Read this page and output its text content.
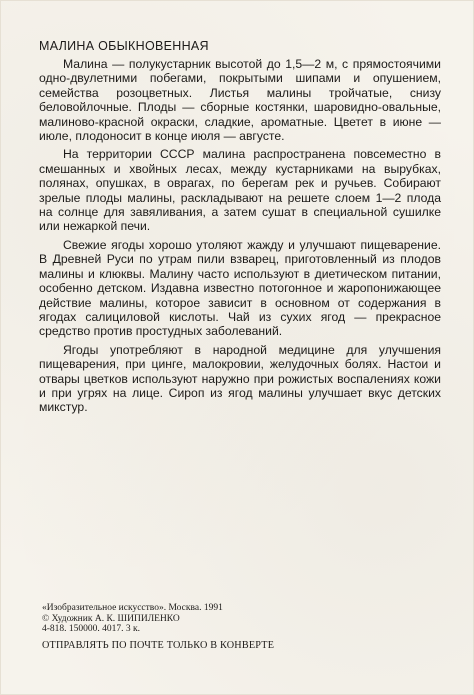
МАЛИНА ОБЫКНОВЕННАЯ

Малина — полукустарник высотой до 1,5—2 м, с прямостоячими одно-двулетними побегами, покрытыми шипами и опушением, семейства розоцветных. Листья малины тройчатые, снизу беловойлочные. Плоды — сборные костянки, шаровидно-овальные, малиново-красной окраски, сладкие, ароматные. Цветет в июне — июле, плодоносит в конце июля — августе.

На территории СССР малина распространена повсеместно в смешанных и хвойных лесах, между кустарниками на вырубках, полянах, опушках, в оврагах, по берегам рек и ручьев. Собирают зрелые плоды малины, раскладывают на решете слоем 1—2 плода на солнце для завяливания, а затем сушат в специальной сушилке или нежаркой печи.

Свежие ягоды хорошо утоляют жажду и улучшают пищеварение. В Древней Руси по утрам пили взварец, приготовленный из плодов малины и клюквы. Малину часто используют в диетическом питании, особенно детском. Издавна известно потогонное и жаропонижающее действие малины, которое зависит в основном от содержания в ягодах салициловой кислоты. Чай из сухих ягод — прекрасное средство против простудных заболеваний.

Ягоды употребляют в народной медицине для улучшения пищеварения, при цинге, малокровии, желудочных болях. Настои и отвары цветков используют наружно при рожистых воспалениях кожи и при угрях на лице. Сироп из ягод малины улучшает вкус детских микстур.

«Изобразительное искусство». Москва. 1991
© Художник А. К. ШИПИЛЕНКО
4-818. 150000. 4017. 3 к.
ОТПРАВЛЯТЬ ПО ПОЧТЕ ТОЛЬКО В КОНВЕРТЕ
